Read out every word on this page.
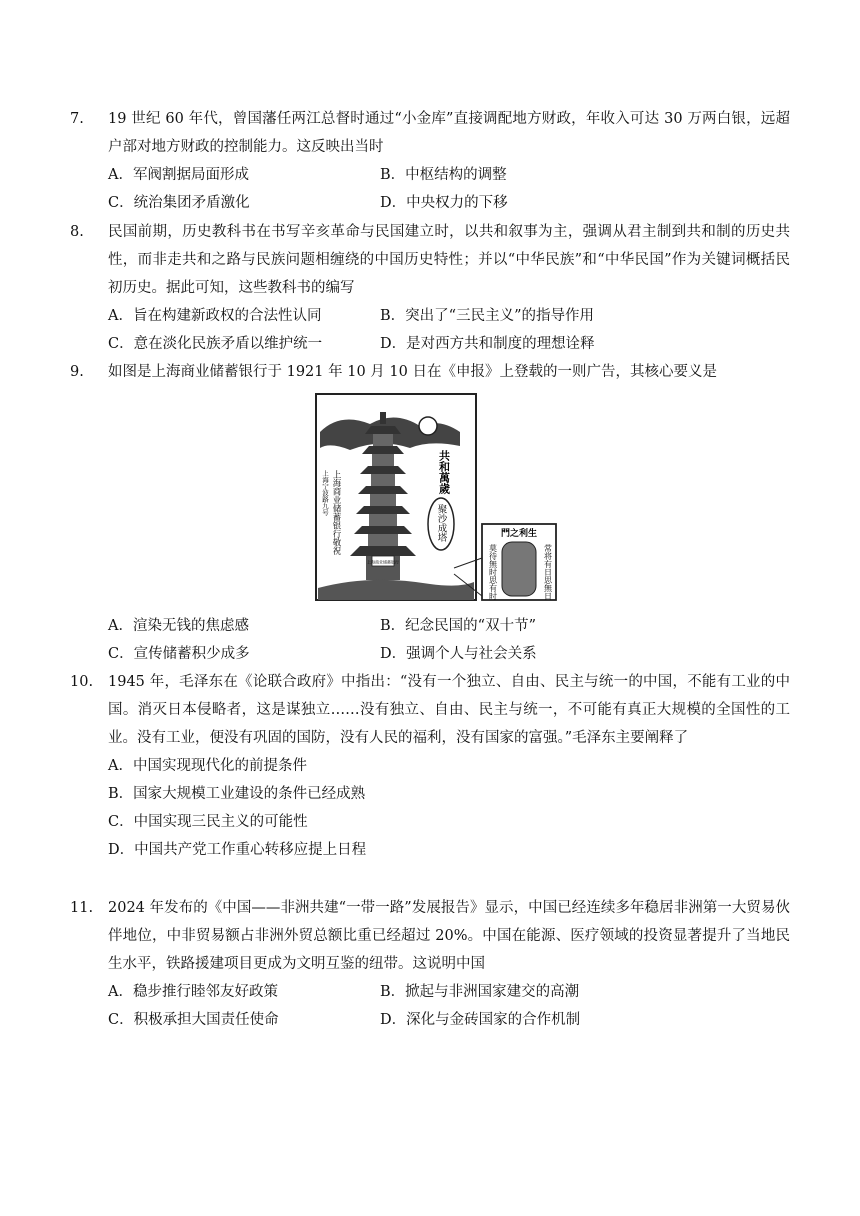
7. 19 世纪 60 年代，曾国藩任两江总督时通过“小金库”直接调配地方财政，年收入可达 30 万两白银，远超户部对地方财政的控制能力。这反映出当时
A．军阀割据局面形成	B．中枢结构的调整
C．统治集团矛盾激化	D．中央权力的下移
8. 民国前期，历史教科书在书写辛亥革命与民国建立时，以共和叙事为主，强调从君主制到共和制的历史共性，而非走共和之路与民族问题相缠绕的中国历史特性；并以“中华民族”和“中华民国”作为关键词概括民初历史。据此可知，这些教科书的编写
A．旨在构建新政权的合法性认同	B．突出了“三民主义”的指导作用
C．意在淡化民族矛盾以维护统一	D．是对西方共和制度的理想诠释
9. 如图是上海商业储蓄银行于 1921 年 10 月 10 日在《申报》上登载的一则广告，其核心要义是
上海商业储蓄银行
上海商业储蓄银行敬祝
上海宁波路九号	共和萬歲
聚沙成塔	門之利生
常将有日思無日
莫待無时思有时
A．渲染无钱的焦虑感	B．纪念民国的“双十节”
C．宣传储蓄积少成多	D．强调个人与社会关系
10. 1945 年，毛泽东在《论联合政府》中指出：“没有一个独立、自由、民主与统一的中国，不能有工业的中国。消灭日本侵略者，这是谋独立……没有独立、自由、民主与统一，不可能有真正大规模的全国性的工业。没有工业，便没有巩固的国防，没有人民的福利，没有国家的富强。”毛泽东主要阐释了
A．中国实现现代化的前提条件
B．国家大规模工业建设的条件已经成熟
C．中国实现三民主义的可能性
D．中国共产党工作重心转移应提上日程
11. 2024 年发布的《中国——非洲共建“一带一路”发展报告》显示，中国已经连续多年稳居非洲第一大贸易伙伴地位，中非贸易额占非洲外贸总额比重已经超过 20%。中国在能源、医疗领域的投资显著提升了当地民生水平，铁路援建项目更成为文明互鉴的纽带。这说明中国
A．稳步推行睦邻友好政策	B．掀起与非洲国家建交的高潮
C．积极承担大国责任使命	D．深化与金砖国家的合作机制
